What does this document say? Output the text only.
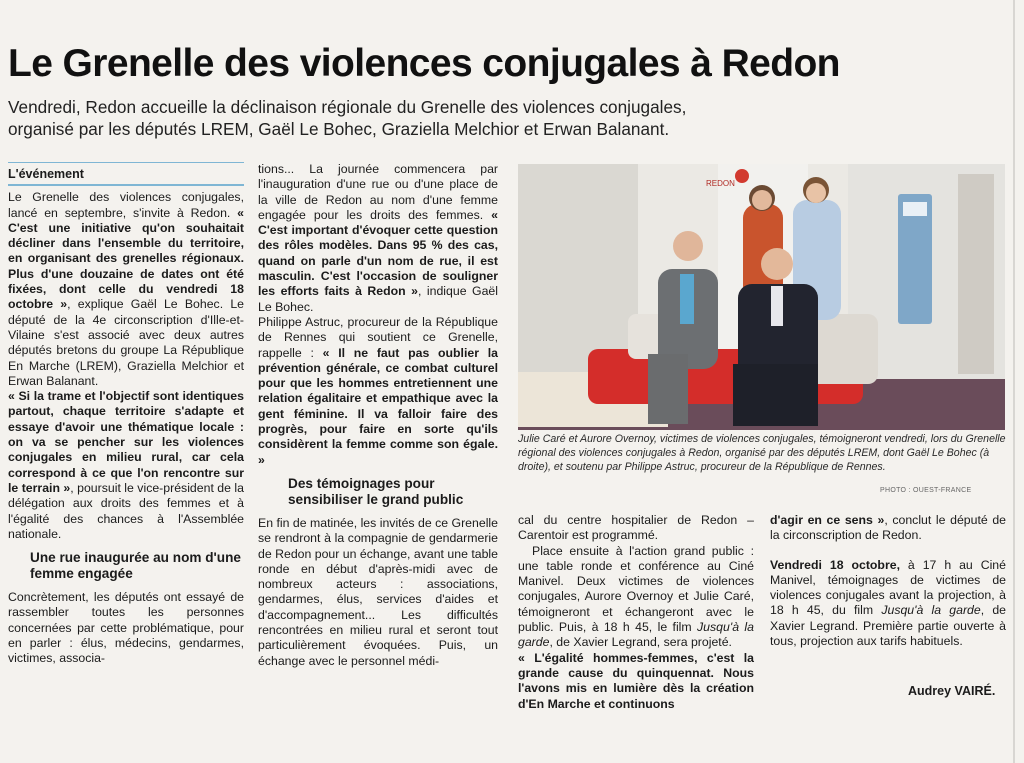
Le Grenelle des violences conjugales à Redon
Vendredi, Redon accueille la déclinaison régionale du Grenelle des violences conjugales,
organisé par les députés LREM, Gaël Le Bohec, Graziella Melchior et Erwan Balanant.
L'événement

Le Grenelle des violences conjugales, lancé en septembre, s'invite à Redon. « C'est une initiative qu'on souhaitait décliner dans l'ensemble du territoire, en organisant des grenelles régionaux. Plus d'une douzaine de dates ont été fixées, dont celle du vendredi 18 octobre », explique Gaël Le Bohec. Le député de la 4e circonscription d'Ille-et-Vilaine s'est associé avec deux autres députés bretons du groupe La République En Marche (LREM), Graziella Melchior et Erwan Balanant.

« Si la trame et l'objectif sont identiques partout, chaque territoire s'adapte et essaye d'avoir une thématique locale : on va se pencher sur les violences conjugales en milieu rural, car cela correspond à ce que l'on rencontre sur le terrain », poursuit le vice-président de la délégation aux droits des femmes et à l'égalité des chances à l'Assemblée nationale.

Une rue inaugurée au nom d'une femme engagée

Concrètement, les députés ont essayé de rassembler toutes les personnes concernées par cette problématique, pour en parler : élus, médecins, gendarmes, victimes, associa-

tions... La journée commencera par l'inauguration d'une rue ou d'une place de la ville de Redon au nom d'une femme engagée pour les droits des femmes. « C'est important d'évoquer cette question des rôles modèles. Dans 95 % des cas, quand on parle d'un nom de rue, il est masculin. C'est l'occasion de souligner les efforts faits à Redon », indique Gaël Le Bohec.

Philippe Astruc, procureur de la République de Rennes qui soutient ce Grenelle, rappelle : « Il ne faut pas oublier la prévention générale, ce combat culturel pour que les hommes entretiennent une relation égalitaire et empathique avec la gent féminine. Il va falloir faire des progrès, pour faire en sorte qu'ils considèrent la femme comme son égale. »

Des témoignages pour sensibiliser le grand public

En fin de matinée, les invités de ce Grenelle se rendront à la compagnie de gendarmerie de Redon pour un échange, avant une table ronde en début d'après-midi avec de nombreux acteurs : associations, gendarmes, élus, services d'aides et d'accompagnement... Les difficultés rencontrées en milieu rural et seront tout particulièrement évoquées. Puis, un échange avec le personnel médi-

REDON

Julie Caré et Aurore Overnoy, victimes de violences conjugales, témoigneront vendredi, lors du Grenelle régional des violences conjugales à Redon, organisé par des députés LREM, dont Gaël Le Bohec (à droite), et soutenu par Philippe Astruc, procureur de la République de Rennes.

PHOTO : OUEST-FRANCE

cal du centre hospitalier de Redon – Carentoir est programmé.

Place ensuite à l'action grand public : une table ronde et conférence au Ciné Manivel. Deux victimes de violences conjugales, Aurore Overnoy et Julie Caré, témoigneront et échangeront avec le public. Puis, à 18 h 45, le film Jusqu'à la garde, de Xavier Legrand, sera projeté.

« L'égalité hommes-femmes, c'est la grande cause du quinquennat. Nous l'avons mis en lumière dès la création d'En Marche et continuons

d'agir en ce sens », conclut le député de la circonscription de Redon.

Vendredi 18 octobre, à 17 h au Ciné Manivel, témoignages de victimes de violences conjugales avant la projection, à 18 h 45, du film Jusqu'à la garde, de Xavier Legrand. Première partie ouverte à tous, projection aux tarifs habituels.

Audrey VAIRÉ.
